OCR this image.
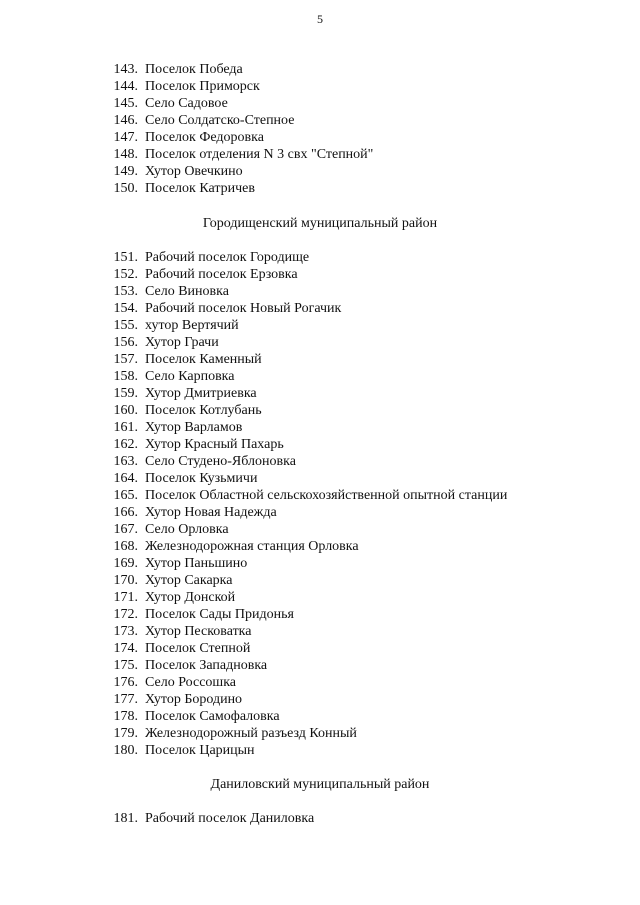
5
143. Поселок Победа
144. Поселок Приморск
145. Село Садовое
146. Село Солдатско-Степное
147. Поселок Федоровка
148. Поселок отделения N 3 свх "Степной"
149. Хутор Овечкино
150. Поселок Катричев
Городищенский муниципальный район
151. Рабочий поселок Городище
152. Рабочий поселок Ерзовка
153. Село Виновка
154. Рабочий поселок Новый Рогачик
155. хутор Вертячий
156. Хутор Грачи
157. Поселок Каменный
158. Село Карповка
159. Хутор Дмитриевка
160. Поселок Котлубань
161. Хутор Варламов
162. Хутор Красный Пахарь
163. Село Студено-Яблоновка
164. Поселок Кузьмичи
165. Поселок Областной сельскохозяйственной опытной станции
166. Хутор Новая Надежда
167. Село Орловка
168. Железнодорожная станция Орловка
169. Хутор Паньшино
170. Хутор Сакарка
171. Хутор Донской
172. Поселок Сады Придонья
173. Хутор Песковатка
174. Поселок Степной
175. Поселок Западновка
176. Село Россошка
177. Хутор Бородино
178. Поселок Самофаловка
179. Железнодорожный разъезд Конный
180. Поселок Царицын
Даниловский муниципальный район
181. Рабочий поселок Даниловка
